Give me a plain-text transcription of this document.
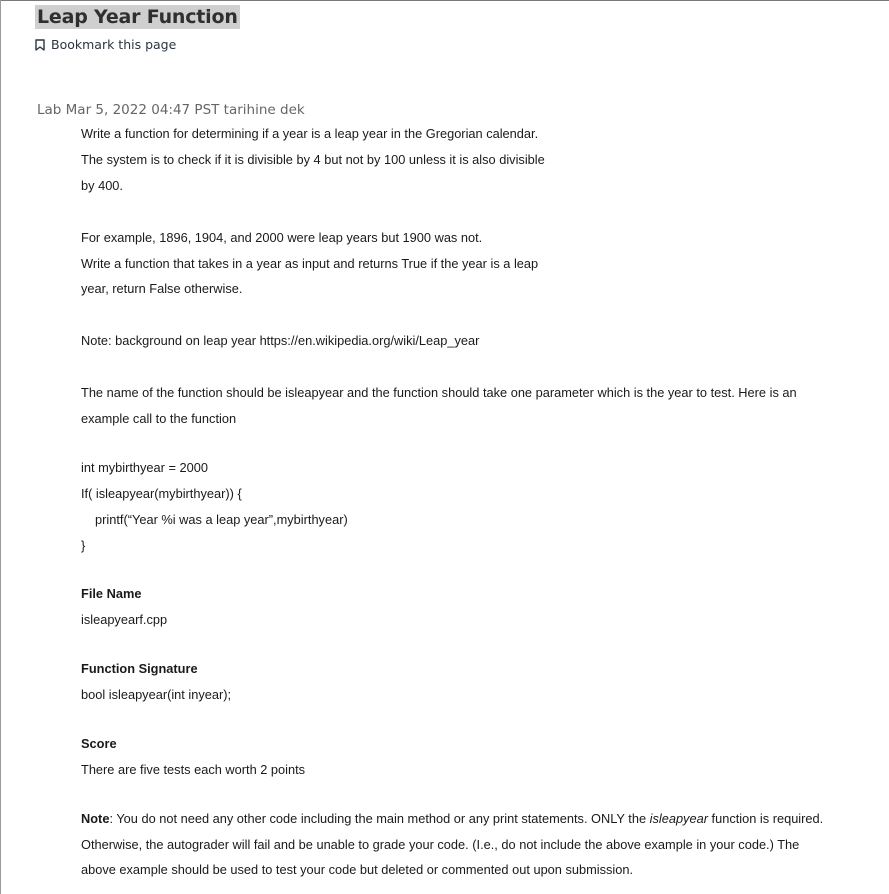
Leap Year Function
Bookmark this page
Lab Mar 5, 2022 04:47 PST tarihine dek
Write a function for determining if a year is a leap year in the Gregorian calendar.
The system is to check if it is divisible by 4 but not by 100 unless it is also divisible
by 400.
For example, 1896, 1904, and 2000 were leap years but 1900 was not.
Write a function that takes in a year as input and returns True if the year is a leap
year, return False otherwise.
Note: background on leap year https://en.wikipedia.org/wiki/Leap_year
The name of the function should be isleapyear and the function should take one parameter which is the year to test. Here is an
example call to the function
int mybirthyear = 2000
If( isleapyear(mybirthyear)) {
printf(“Year %i was a leap year”,mybirthyear)
}
File Name
isleapyearf.cpp
Function Signature
bool isleapyear(int inyear);
Score
There are five tests each worth 2 points
Note: You do not need any other code including the main method or any print statements. ONLY the isleapyear function is required.
Otherwise, the autograder will fail and be unable to grade your code. (I.e., do not include the above example in your code.) The
above example should be used to test your code but deleted or commented out upon submission.
